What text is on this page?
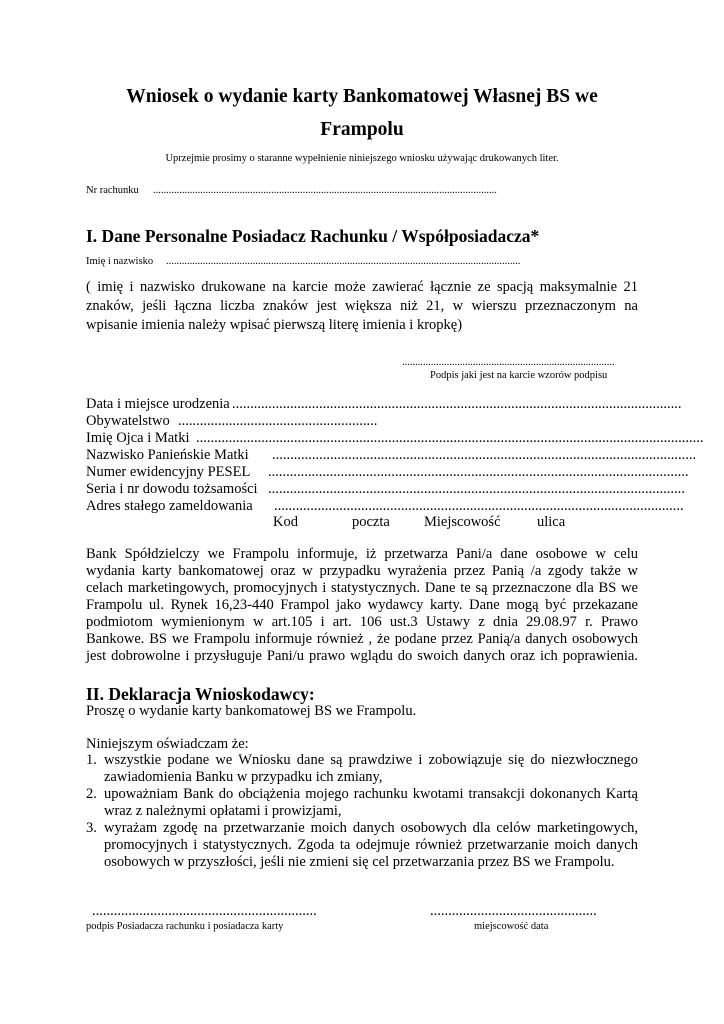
Wniosek o wydanie karty Bankomatowej Własnej BS we
Frampolu
Uprzejmie prosimy o staranne wypełnienie niniejszego wniosku używając drukowanych liter.
Nr rachunku ...................................................................................................................................
I. Dane Personalne Posiadacz Rachunku / Współposiadacza*
Imię i nazwisko .......................................................................................................................................
( imię i nazwisko drukowane na karcie może zawierać łącznie ze spacją maksymalnie 21
znaków, jeśli łączna liczba znaków jest większa niż 21, w wierszu przeznaczonym na
wpisanie imienia należy wpisać pierwszą literę imienia i kropkę)
.................................................................................
Podpis jaki jest na karcie wzorów podpisu
Data i miejsce urodzenia ............................................................................................................................
Obywatelstwo .......................................................
Imię Ojca i Matki ............................................................................................................................................
Nazwisko Panieńskie Matki .....................................................................................................................
Numer ewidencyjny PESEL ....................................................................................................................
Seria i nr dowodu tożsamości ...................................................................................................................
Adres stałego zameldowania .................................................................................................................
Kod	poczta Miejscowość	ulica
Bank Spółdzielczy we Frampolu informuje, iż przetwarza Pani/a dane osobowe w celu
wydania karty bankomatowej oraz w przypadku wyrażenia przez Panią /a zgody także w
celach marketingowych, promocyjnych i statystycznych. Dane te są przeznaczone dla BS we
Frampolu ul. Rynek 16,23-440 Frampol jako wydawcy karty. Dane mogą być przekazane
podmiotom wymienionym w art.105 i art. 106 ust.3 Ustawy z dnia 29.08.97 r. Prawo
Bankowe. BS we Frampolu informuje również , że podane przez Panią/a danych osobowych
jest dobrowolne i przysługuje Pani/u prawo wglądu do swoich danych oraz ich poprawienia.
II. Deklaracja Wnioskodawcy:
Proszę o wydanie karty bankomatowej BS we Frampolu.
Niniejszym oświadczam że:
1. wszystkie podane we Wniosku dane są prawdziwe i zobowiązuje się do niezwłocznego
zawiadomienia Banku w przypadku ich zmiany,
2. upoważniam Bank do obciążenia mojego rachunku kwotami transakcji dokonanych Kartą
wraz z należnymi opłatami i prowizjami,
3. wyrażam zgodę na przetwarzanie moich danych osobowych dla celów marketingowych,
promocyjnych i statystycznych. Zgoda ta odejmuje również przetwarzanie moich danych
osobowych w przyszłości, jeśli nie zmieni się cel przetwarzania przez BS we Frampolu.
..............................................................
podpis Posiadacza rachunku i posiadacza karty
..............................................
miejscowość data
